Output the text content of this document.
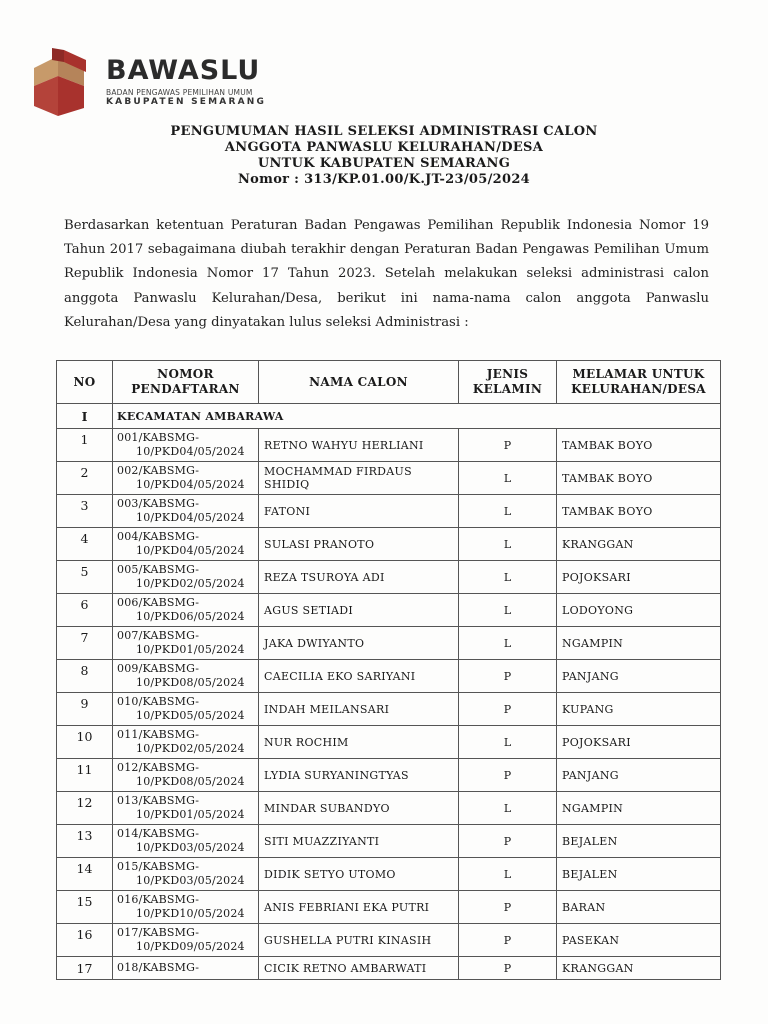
BAWASLU
BADAN PENGAWAS PEMILIHAN UMUM
KABUPATEN SEMARANG
PENGUMUMAN HASIL SELEKSI ADMINISTRASI CALON
ANGGOTA PANWASLU KELURAHAN/DESA
UNTUK KABUPATEN SEMARANG
Nomor : 313/KP.01.00/K.JT-23/05/2024
Berdasarkan ketentuan Peraturan Badan Pengawas Pemilihan Republik Indonesia Nomor 19 Tahun 2017 sebagaimana diubah terakhir dengan Peraturan Badan Pengawas Pemilihan Umum Republik Indonesia Nomor 17 Tahun 2023. Setelah melakukan seleksi administrasi calon anggota Panwaslu Kelurahan/Desa, berikut ini nama-nama calon anggota Panwaslu Kelurahan/Desa yang dinyatakan lulus seleksi Administrasi :
NO	NOMOR
PENDAFTARAN	NAMA CALON	JENIS
KELAMIN	MELAMAR UNTUK
KELURAHAN/DESA
I	KECAMATAN AMBARAWA			
1	001/KABSMG-
10/PKD04/05/2024	RETNO WAHYU HERLIANI	P	TAMBAK BOYO
2	002/KABSMG-
10/PKD04/05/2024	MOCHAMMAD FIRDAUS SHIDIQ	L	TAMBAK BOYO
3	003/KABSMG-
10/PKD04/05/2024	FATONI	L	TAMBAK BOYO
4	004/KABSMG-
10/PKD04/05/2024	SULASI PRANOTO	L	KRANGGAN
5	005/KABSMG-
10/PKD02/05/2024	REZA TSUROYA ADI	L	POJOKSARI
6	006/KABSMG-
10/PKD06/05/2024	AGUS SETIADI	L	LODOYONG
7	007/KABSMG-
10/PKD01/05/2024	JAKA DWIYANTO	L	NGAMPIN
8	009/KABSMG-
10/PKD08/05/2024	CAECILIA EKO SARIYANI	P	PANJANG
9	010/KABSMG-
10/PKD05/05/2024	INDAH MEILANSARI	P	KUPANG
10	011/KABSMG-
10/PKD02/05/2024	NUR ROCHIM	L	POJOKSARI
11	012/KABSMG-
10/PKD08/05/2024	LYDIA SURYANINGTYAS	P	PANJANG
12	013/KABSMG-
10/PKD01/05/2024	MINDAR SUBANDYO	L	NGAMPIN
13	014/KABSMG-
10/PKD03/05/2024	SITI MUAZZIYANTI	P	BEJALEN
14	015/KABSMG-
10/PKD03/05/2024	DIDIK SETYO UTOMO	L	BEJALEN
15	016/KABSMG-
10/PKD10/05/2024	ANIS FEBRIANI EKA PUTRI	P	BARAN
16	017/KABSMG-
10/PKD09/05/2024	GUSHELLA PUTRI KINASIH	P	PASEKAN
17	018/KABSMG-	CICIK RETNO AMBARWATI	P	KRANGGAN
